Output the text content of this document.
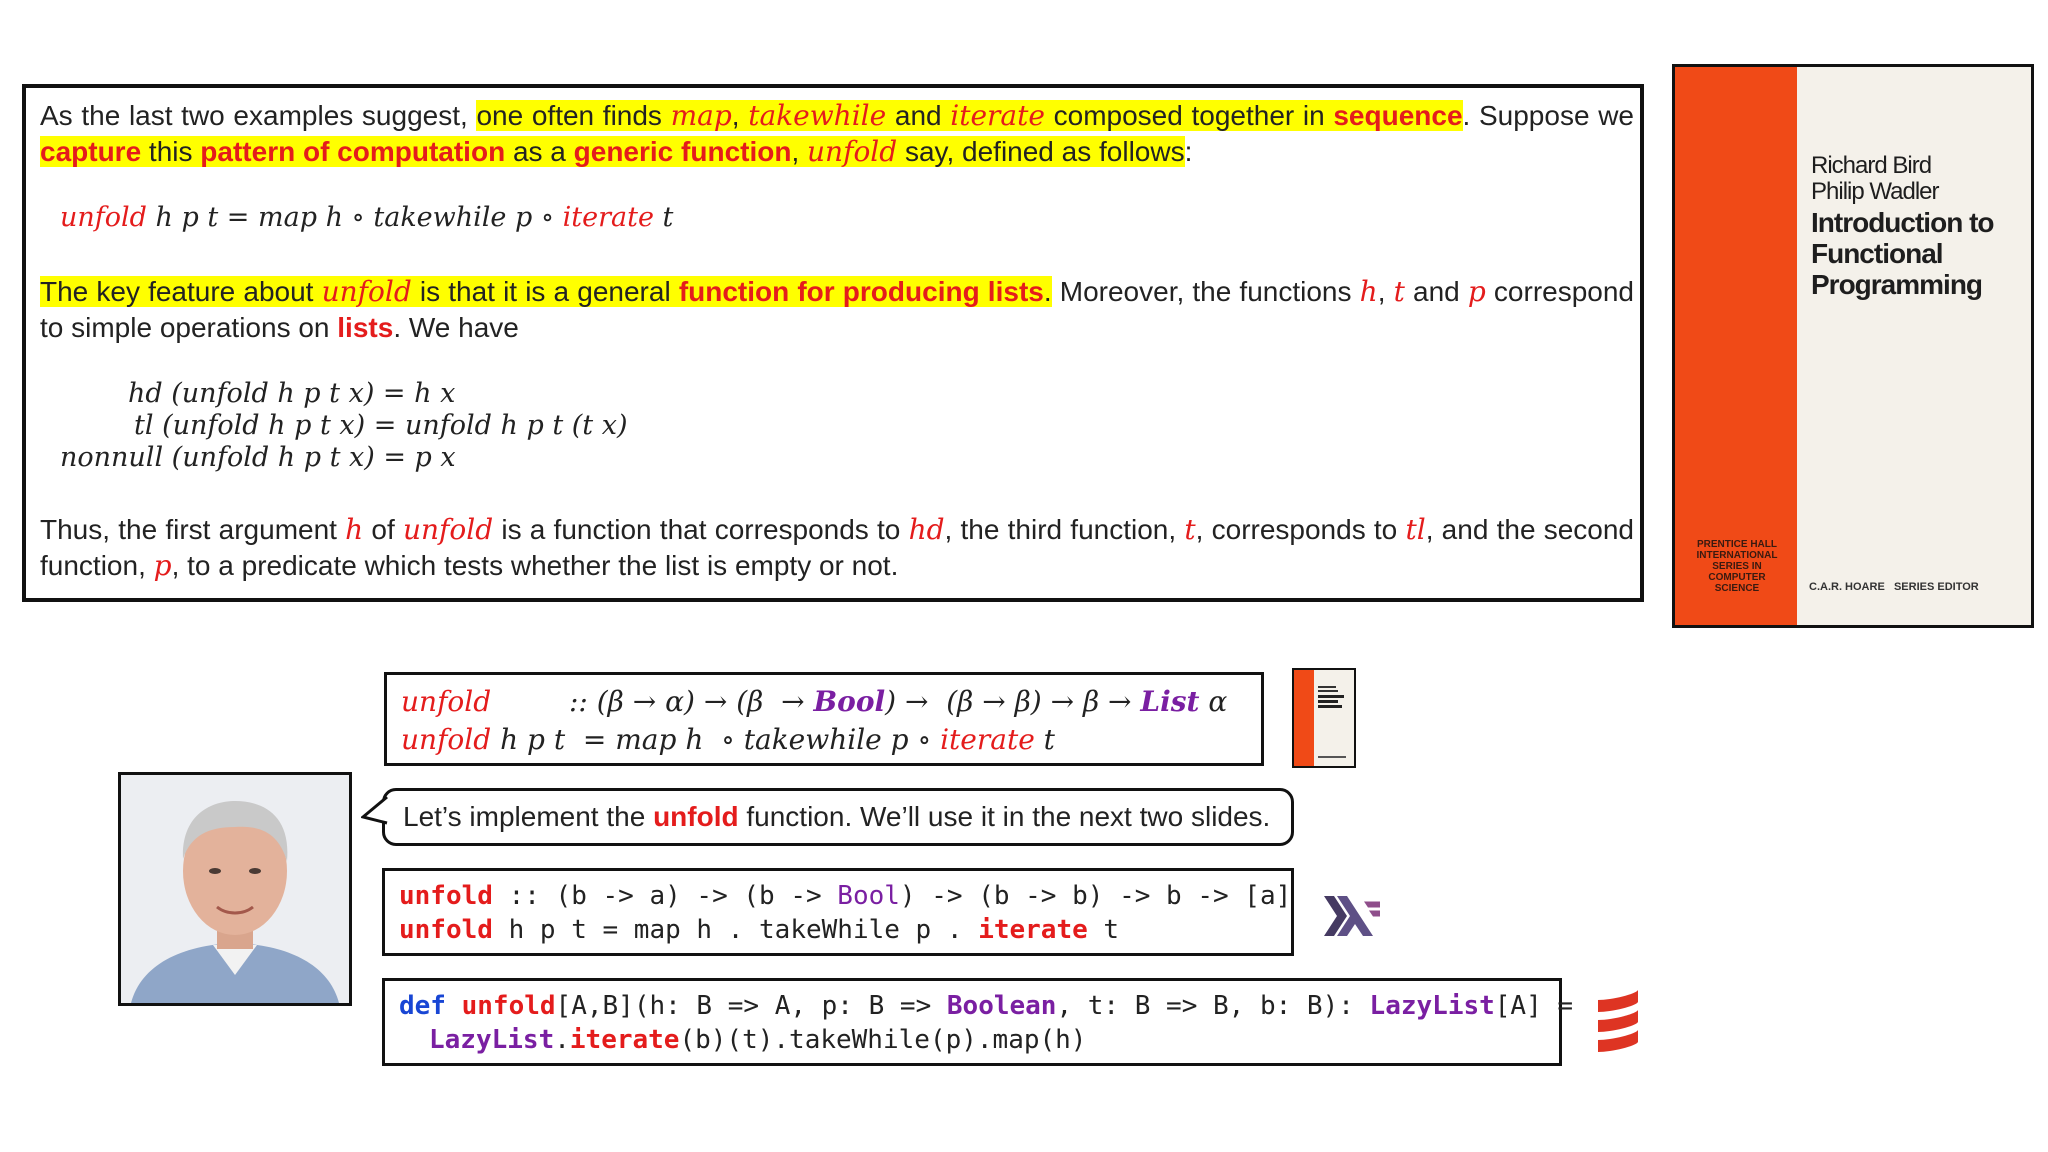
As the last two examples suggest, one often finds map, takewhile and iterate composed together in sequence. Suppose we capture this pattern of computation as a generic function, unfold say, defined as follows:
unfold h p t = map h ∘ takewhile p ∘ iterate t
The key feature about unfold is that it is a general function for producing lists. Moreover, the functions h, t and p correspond to simple operations on lists. We have
hd (unfold h p t x) = h x
tl (unfold h p t x) = unfold h p t (t x)
nonnull (unfold h p t x) = p x
Thus, the first argument h of unfold is a function that corresponds to hd, the third function, t, corresponds to tl, and the second function, p, to a predicate which tests whether the list is empty or not.
PRENTICE HALL
INTERNATIONAL
SERIES IN
COMPUTER
SCIENCE
Richard Bird
Philip Wadler
Introduction to
Functional
Programming
C.A.R. HOARE   SERIES EDITOR
unfold  :: (β → α) → (β  → Bool) →  (β → β) → β → List α
unfold h p t  = map h  ∘ takewhile p ∘ iterate t
Let’s implement the unfold function. We’ll use it in the next two slides.
unfold :: (b -> a) -> (b -> Bool) -> (b -> b) -> b -> [a]
unfold h p t = map h . takeWhile p . iterate t
def unfold[A,B](h: B => A, p: B => Boolean, t: B => B, b: B): LazyList[A] =
LazyList.iterate(b)(t).takeWhile(p).map(h)
